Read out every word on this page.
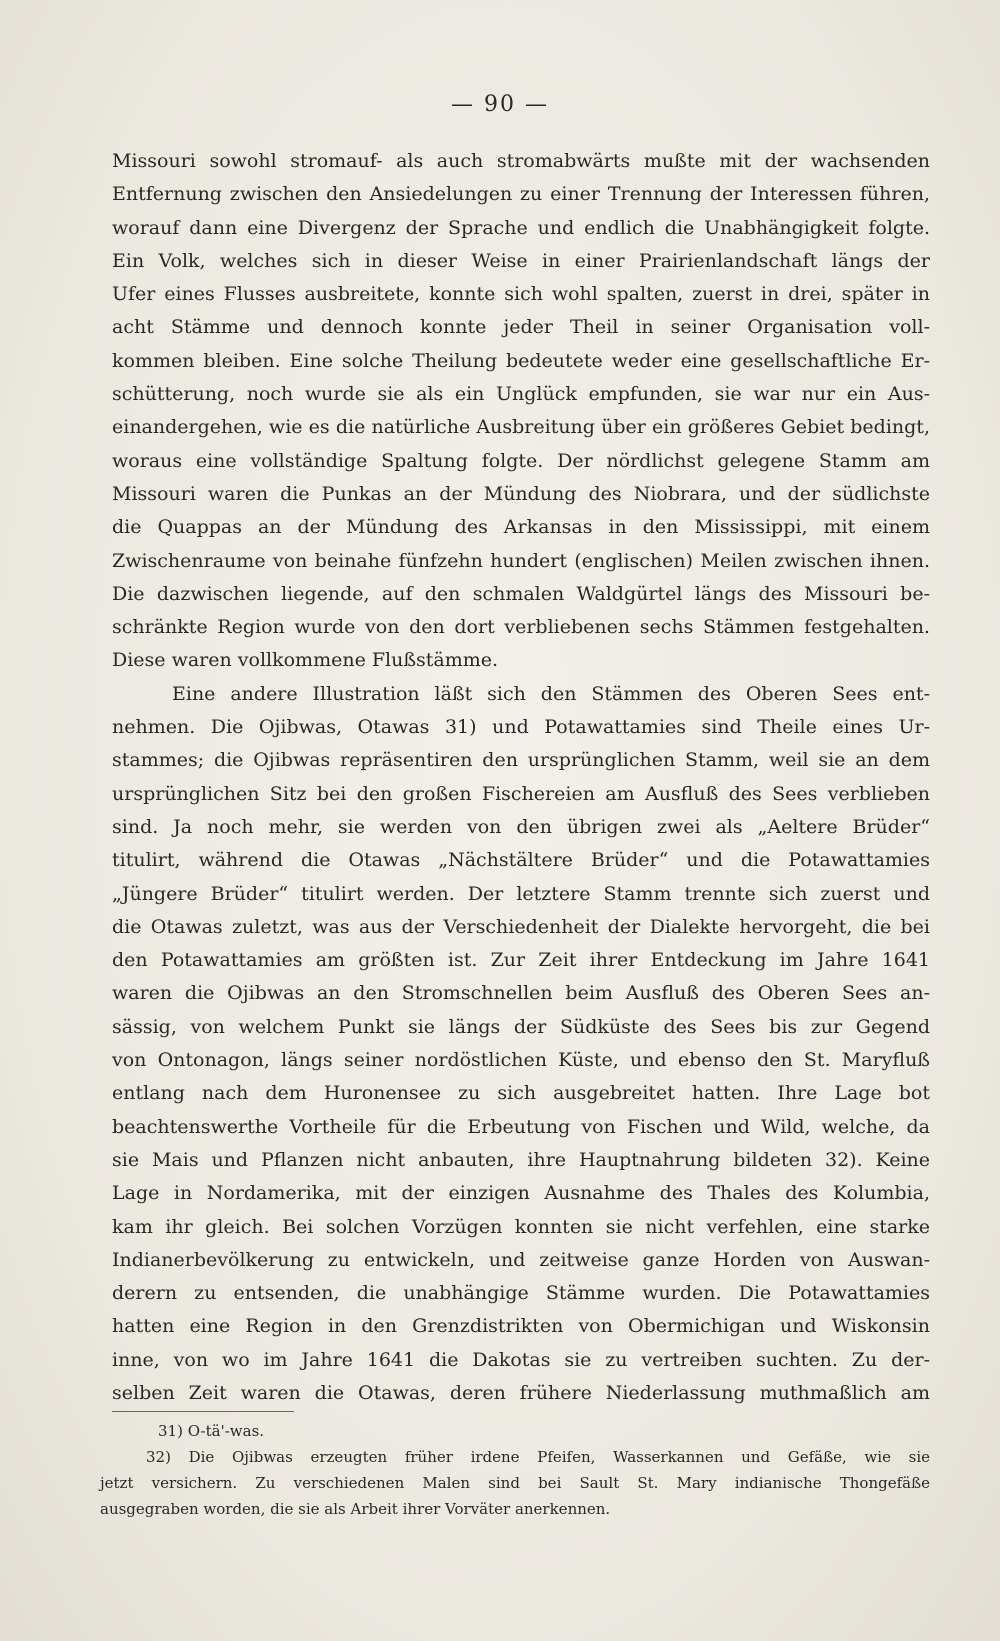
— 90 —
Missouri sowohl stromauf- als auch stromabwärts mußte mit der wachsenden
Entfernung zwischen den Ansiedelungen zu einer Trennung der Interessen führen,
worauf dann eine Divergenz der Sprache und endlich die Unabhängigkeit folgte.
Ein Volk, welches sich in dieser Weise in einer Prairienlandschaft längs der
Ufer eines Flusses ausbreitete, konnte sich wohl spalten, zuerst in drei, später in
acht Stämme und dennoch konnte jeder Theil in seiner Organisation voll-
kommen bleiben. Eine solche Theilung bedeutete weder eine gesellschaftliche Er-
schütterung, noch wurde sie als ein Unglück empfunden, sie war nur ein Aus-
einandergehen, wie es die natürliche Ausbreitung über ein größeres Gebiet bedingt,
woraus eine vollständige Spaltung folgte. Der nördlichst gelegene Stamm am
Missouri waren die Punkas an der Mündung des Niobrara, und der südlichste
die Quappas an der Mündung des Arkansas in den Mississippi, mit einem
Zwischenraume von beinahe fünfzehn hundert (englischen) Meilen zwischen ihnen.
Die dazwischen liegende, auf den schmalen Waldgürtel längs des Missouri be-
schränkte Region wurde von den dort verbliebenen sechs Stämmen festgehalten.
Diese waren vollkommene Flußstämme.
Eine andere Illustration läßt sich den Stämmen des Oberen Sees ent-
nehmen. Die Ojibwas, Otawas 31) und Potawattamies sind Theile eines Ur-
stammes; die Ojibwas repräsentiren den ursprünglichen Stamm, weil sie an dem
ursprünglichen Sitz bei den großen Fischereien am Ausfluß des Sees verblieben
sind. Ja noch mehr, sie werden von den übrigen zwei als „Aeltere Brüder“
titulirt, während die Otawas „Nächstältere Brüder“ und die Potawattamies
„Jüngere Brüder“ titulirt werden. Der letztere Stamm trennte sich zuerst und
die Otawas zuletzt, was aus der Verschiedenheit der Dialekte hervorgeht, die bei
den Potawattamies am größten ist. Zur Zeit ihrer Entdeckung im Jahre 1641
waren die Ojibwas an den Stromschnellen beim Ausfluß des Oberen Sees an-
sässig, von welchem Punkt sie längs der Südküste des Sees bis zur Gegend
von Ontonagon, längs seiner nordöstlichen Küste, und ebenso den St. Maryfluß
entlang nach dem Huronensee zu sich ausgebreitet hatten. Ihre Lage bot
beachtenswerthe Vortheile für die Erbeutung von Fischen und Wild, welche, da
sie Mais und Pflanzen nicht anbauten, ihre Hauptnahrung bildeten 32). Keine
Lage in Nordamerika, mit der einzigen Ausnahme des Thales des Kolumbia,
kam ihr gleich. Bei solchen Vorzügen konnten sie nicht verfehlen, eine starke
Indianerbevölkerung zu entwickeln, und zeitweise ganze Horden von Auswan-
derern zu entsenden, die unabhängige Stämme wurden. Die Potawattamies
hatten eine Region in den Grenzdistrikten von Obermichigan und Wiskonsin
inne, von wo im Jahre 1641 die Dakotas sie zu vertreiben suchten. Zu der-
selben Zeit waren die Otawas, deren frühere Niederlassung muthmaßlich am
31) O-tä'-was.
32) Die Ojibwas erzeugten früher irdene Pfeifen, Wasserkannen und Gefäße, wie sie
jetzt versichern. Zu verschiedenen Malen sind bei Sault St. Mary indianische Thongefäße
ausgegraben worden, die sie als Arbeit ihrer Vorväter anerkennen.
